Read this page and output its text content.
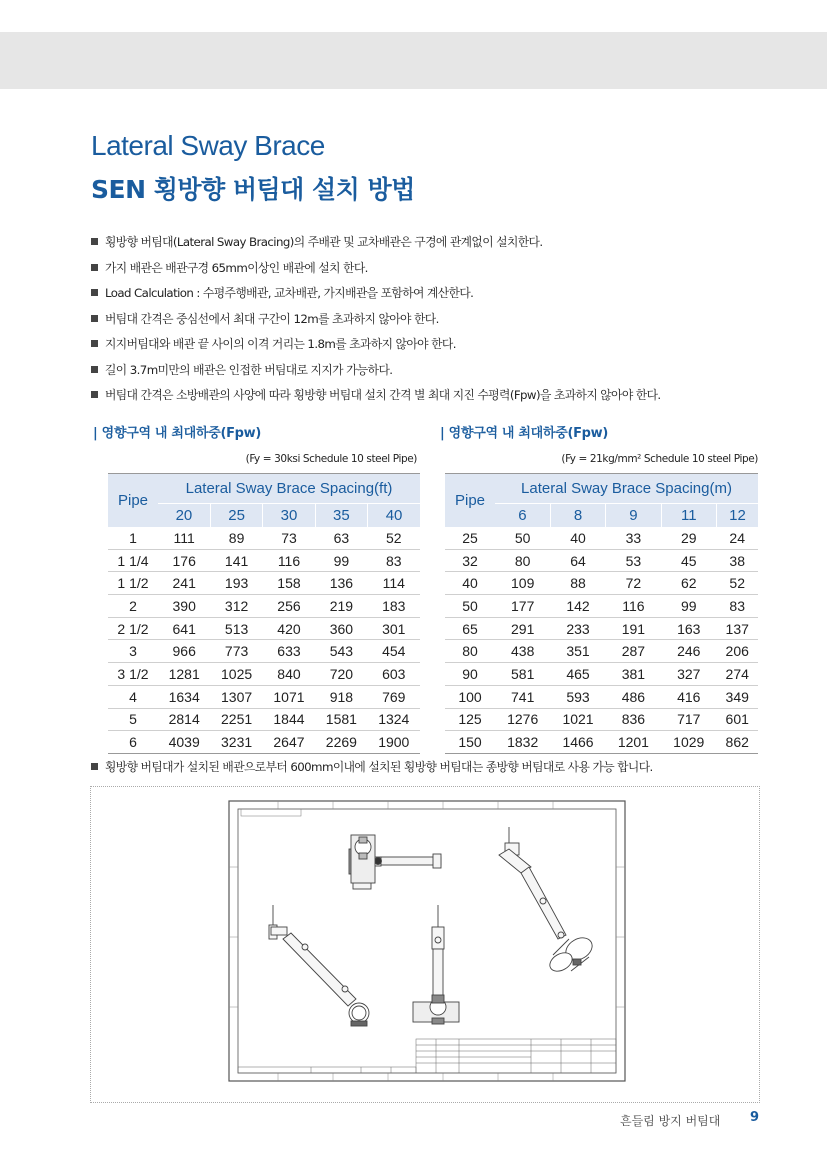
Lateral Sway Brace
SEN 횡방향 버팀대 설치 방법
횡방향 버팀대(Lateral Sway Bracing)의 주배관 및 교차배관은 구경에 관계없이 설치한다.
가지 배관은 배관구경 65mm이상인 배관에 설치 한다.
Load Calculation : 수평주행배관, 교차배관, 가지배관을 포함하여 계산한다.
버팀대 간격은 중심선에서 최대 구간이 12m를 초과하지 않아야 한다.
지지버팀대와 배관 끝 사이의 이격 거리는 1.8m를 초과하지 않아야 한다.
길이 3.7m미만의 배관은 인접한 버팀대로 지지가 가능하다.
버팀대 간격은 소방배관의 사양에 따라 횡방향 버팀대 설치 간격 별 최대 지진 수평력(Fpw)을 초과하지 않아야 한다.
| 영향구역 내 최대하중(Fpw)
(Fy = 30ksi Schedule 10 steel Pipe)
Pipe	Lateral Sway Brace Spacing(ft)				
	20	25	30	35	40
1	111	89	73	63	52
1 1/4	176	141	116	99	83
1 1/2	241	193	158	136	114
2	390	312	256	219	183
2 1/2	641	513	420	360	301
3	966	773	633	543	454
3 1/2	1281	1025	840	720	603
4	1634	1307	1071	918	769
5	2814	2251	1844	1581	1324
6	4039	3231	2647	2269	1900
| 영향구역 내 최대하중(Fpw)
(Fy = 21kg/mm² Schedule 10 steel Pipe)
Pipe	Lateral Sway Brace Spacing(m)				
	6	8	9	11	12
25	50	40	33	29	24
32	80	64	53	45	38
40	109	88	72	62	52
50	177	142	116	99	83
65	291	233	191	163	137
80	438	351	287	246	206
90	581	465	381	327	274
100	741	593	486	416	349
125	1276	1021	836	717	601
150	1832	1466	1201	1029	862
횡방향 버팀대가 설치된 배관으로부터 600mm이내에 설치된 횡방향 버팀대는 종방향 버팀대로 사용 가능 합니다.
흔들림 방지 버팀대 9
